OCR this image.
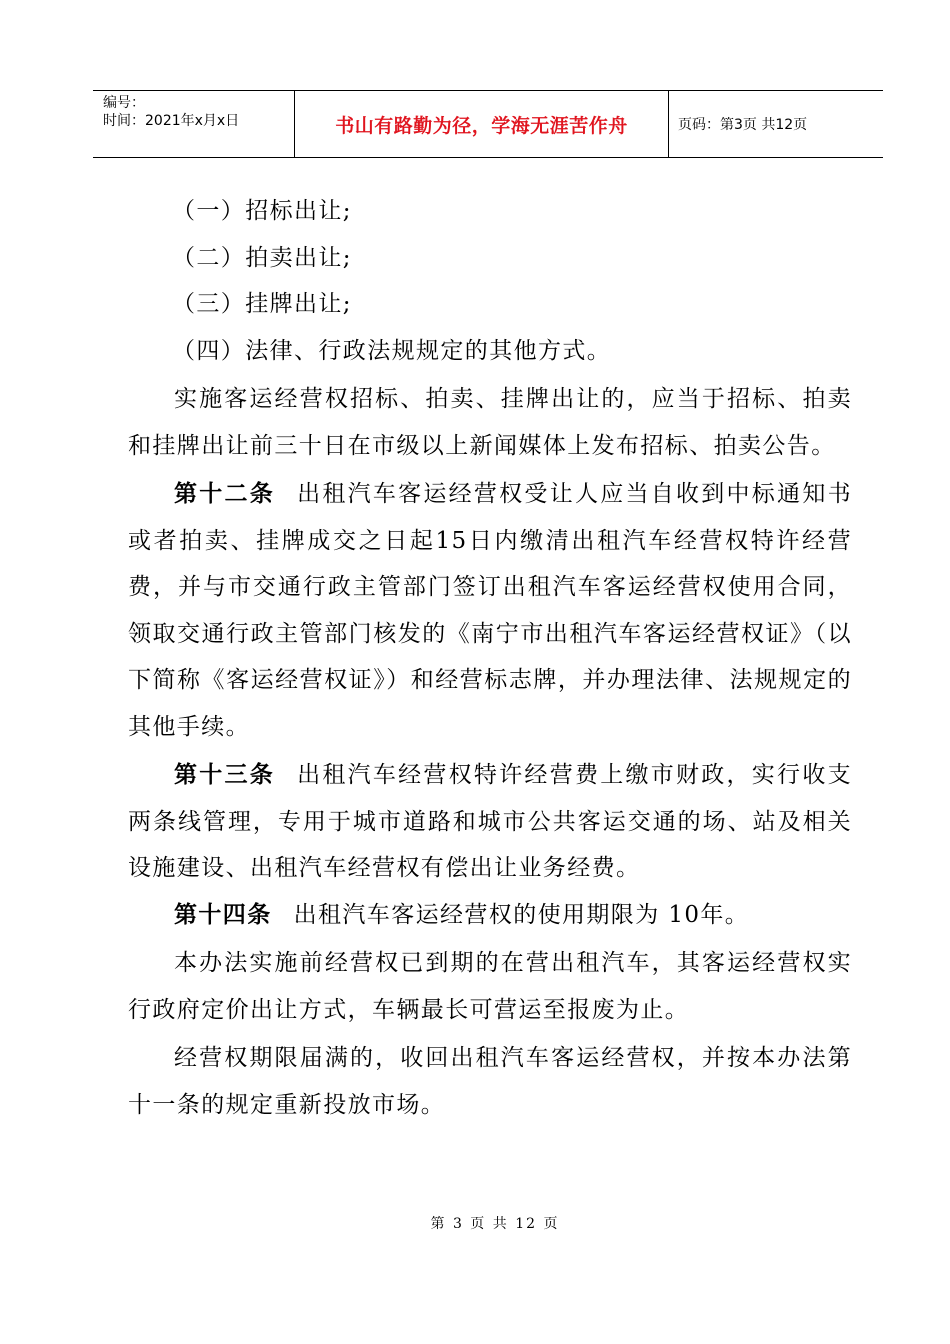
编号：
时间：2021年x月x日	书山有路勤为径，学海无涯苦作舟	页码：第3页 共12页

（一）招标出让;

（二）拍卖出让;

（三）挂牌出让;

（四）法律、行政法规规定的其他方式。

实施客运经营权招标、拍卖、挂牌出让的，应当于招标、拍卖和挂牌出让前三十日在市级以上新闻媒体上发布招标、拍卖公告。

第十二条 出租汽车客运经营权受让人应当自收到中标通知书或者拍卖、挂牌成交之日起15日内缴清出租汽车经营权特许经营费，并与市交通行政主管部门签订出租汽车客运经营权使用合同，领取交通行政主管部门核发的《南宁市出租汽车客运经营权证》（以下简称《客运经营权证》）和经营标志牌，并办理法律、法规规定的其他手续。

第十三条 出租汽车经营权特许经营费上缴市财政，实行收支两条线管理，专用于城市道路和城市公共客运交通的场、站及相关设施建设、出租汽车经营权有偿出让业务经费。

第十四条 出租汽车客运经营权的使用期限为 10年。

本办法实施前经营权已到期的在营出租汽车，其客运经营权实行政府定价出让方式，车辆最长可营运至报废为止。

经营权期限届满的，收回出租汽车客运经营权，并按本办法第十一条的规定重新投放市场。

第 3 页 共 12 页
